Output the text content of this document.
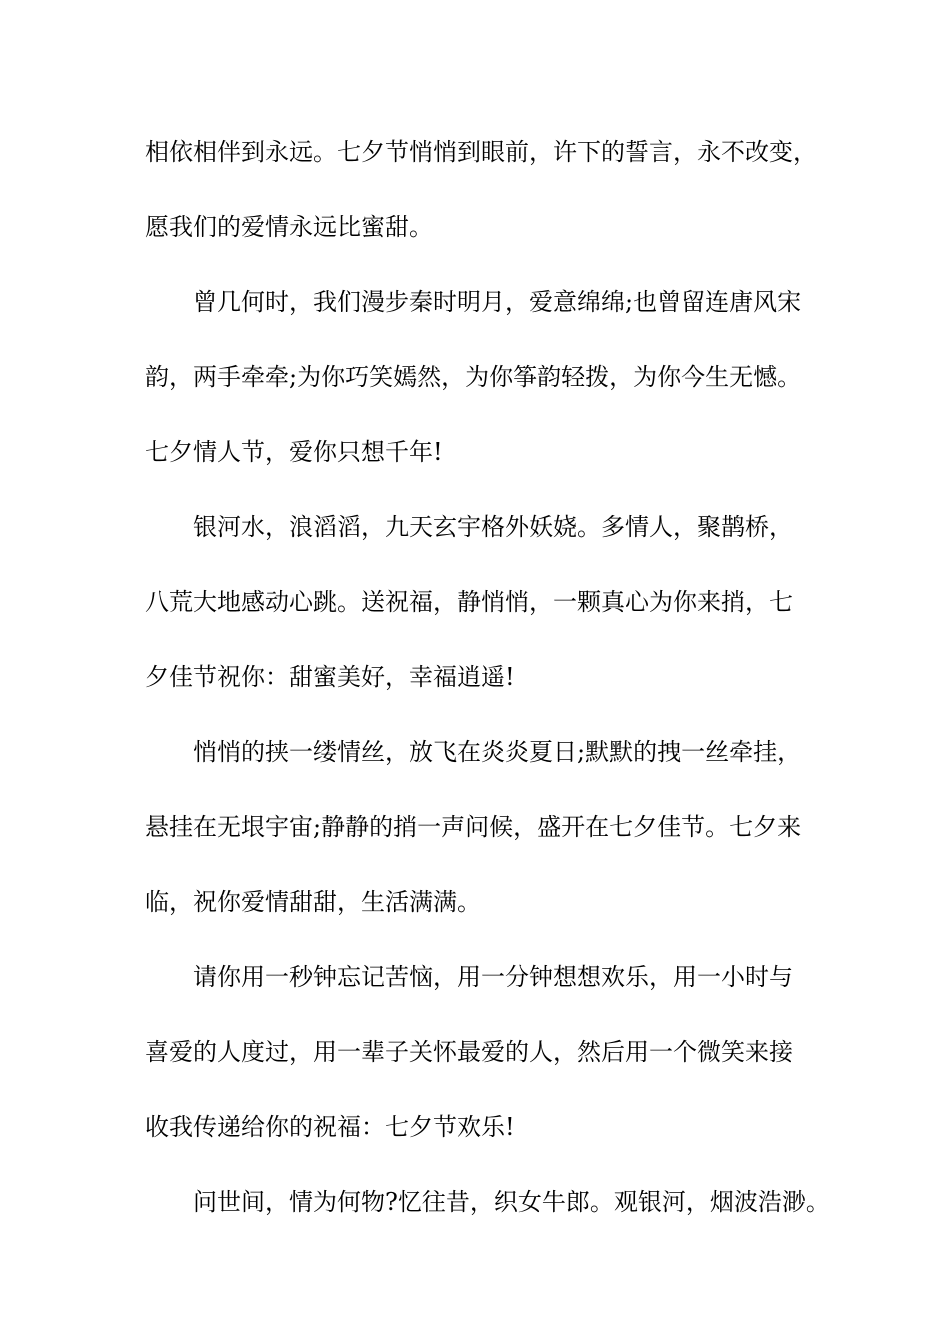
相依相伴到永远。七夕节悄悄到眼前，许下的誓言，永不改变，
愿我们的爱情永远比蜜甜。
曾几何时，我们漫步秦时明月，爱意绵绵;也曾留连唐风宋
韵，两手牵牵;为你巧笑嫣然，为你筝韵轻拨，为你今生无憾。
七夕情人节，爱你只想千年!
银河水，浪滔滔，九天玄宇格外妖娆。多情人，聚鹊桥，
八荒大地感动心跳。送祝福，静悄悄，一颗真心为你来捎，七
夕佳节祝你：甜蜜美好，幸福逍遥!
悄悄的挟一缕情丝，放飞在炎炎夏日;默默的拽一丝牵挂，
悬挂在无垠宇宙;静静的捎一声问候，盛开在七夕佳节。七夕来
临，祝你爱情甜甜，生活满满。
请你用一秒钟忘记苦恼，用一分钟想想欢乐，用一小时与
喜爱的人度过，用一辈子关怀最爱的人，然后用一个微笑来接
收我传递给你的祝福：七夕节欢乐!
问世间，情为何物?忆往昔，织女牛郎。观银河，烟波浩渺。
